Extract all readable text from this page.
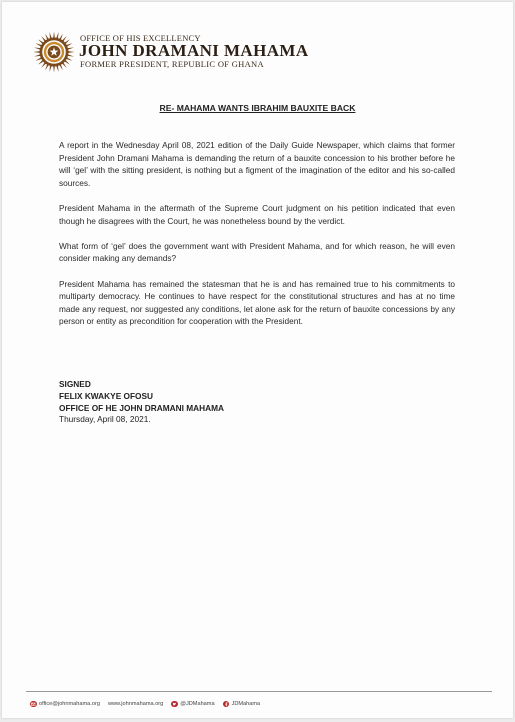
OFFICE OF HIS EXCELLENCY
JOHN DRAMANI MAHAMA
FORMER PRESIDENT, REPUBLIC OF GHANA
RE- MAHAMA WANTS IBRAHIM BAUXITE BACK

A report in the Wednesday April 08, 2021 edition of the Daily Guide Newspaper, which claims that former President John Dramani Mahama is demanding the return of a bauxite concession to his brother before he will ‘gel’ with the sitting president, is nothing but a figment of the imagination of the editor and his so-called sources.

President Mahama in the aftermath of the Supreme Court judgment on his petition indicated that even though he disagrees with the Court, he was nonetheless bound by the verdict.

What form of ‘gel’ does the government want with President Mahama, and for which reason, he will even consider making any demands?

President Mahama has remained the statesman that he is and has remained true to his commitments to multiparty democracy. He continues to have respect for the constitutional structures and has at no time made any request, nor suggested any conditions, let alone ask for the return of bauxite concessions by any person or entity as precondition for cooperation with the President.

SIGNED
FELIX KWAKYE OFOSU
OFFICE OF HE JOHN DRAMANI MAHAMA
Thursday, April 08, 2021.
office@johnmahama.org www.johnmahama.org	@JDMahama	JDMahama
